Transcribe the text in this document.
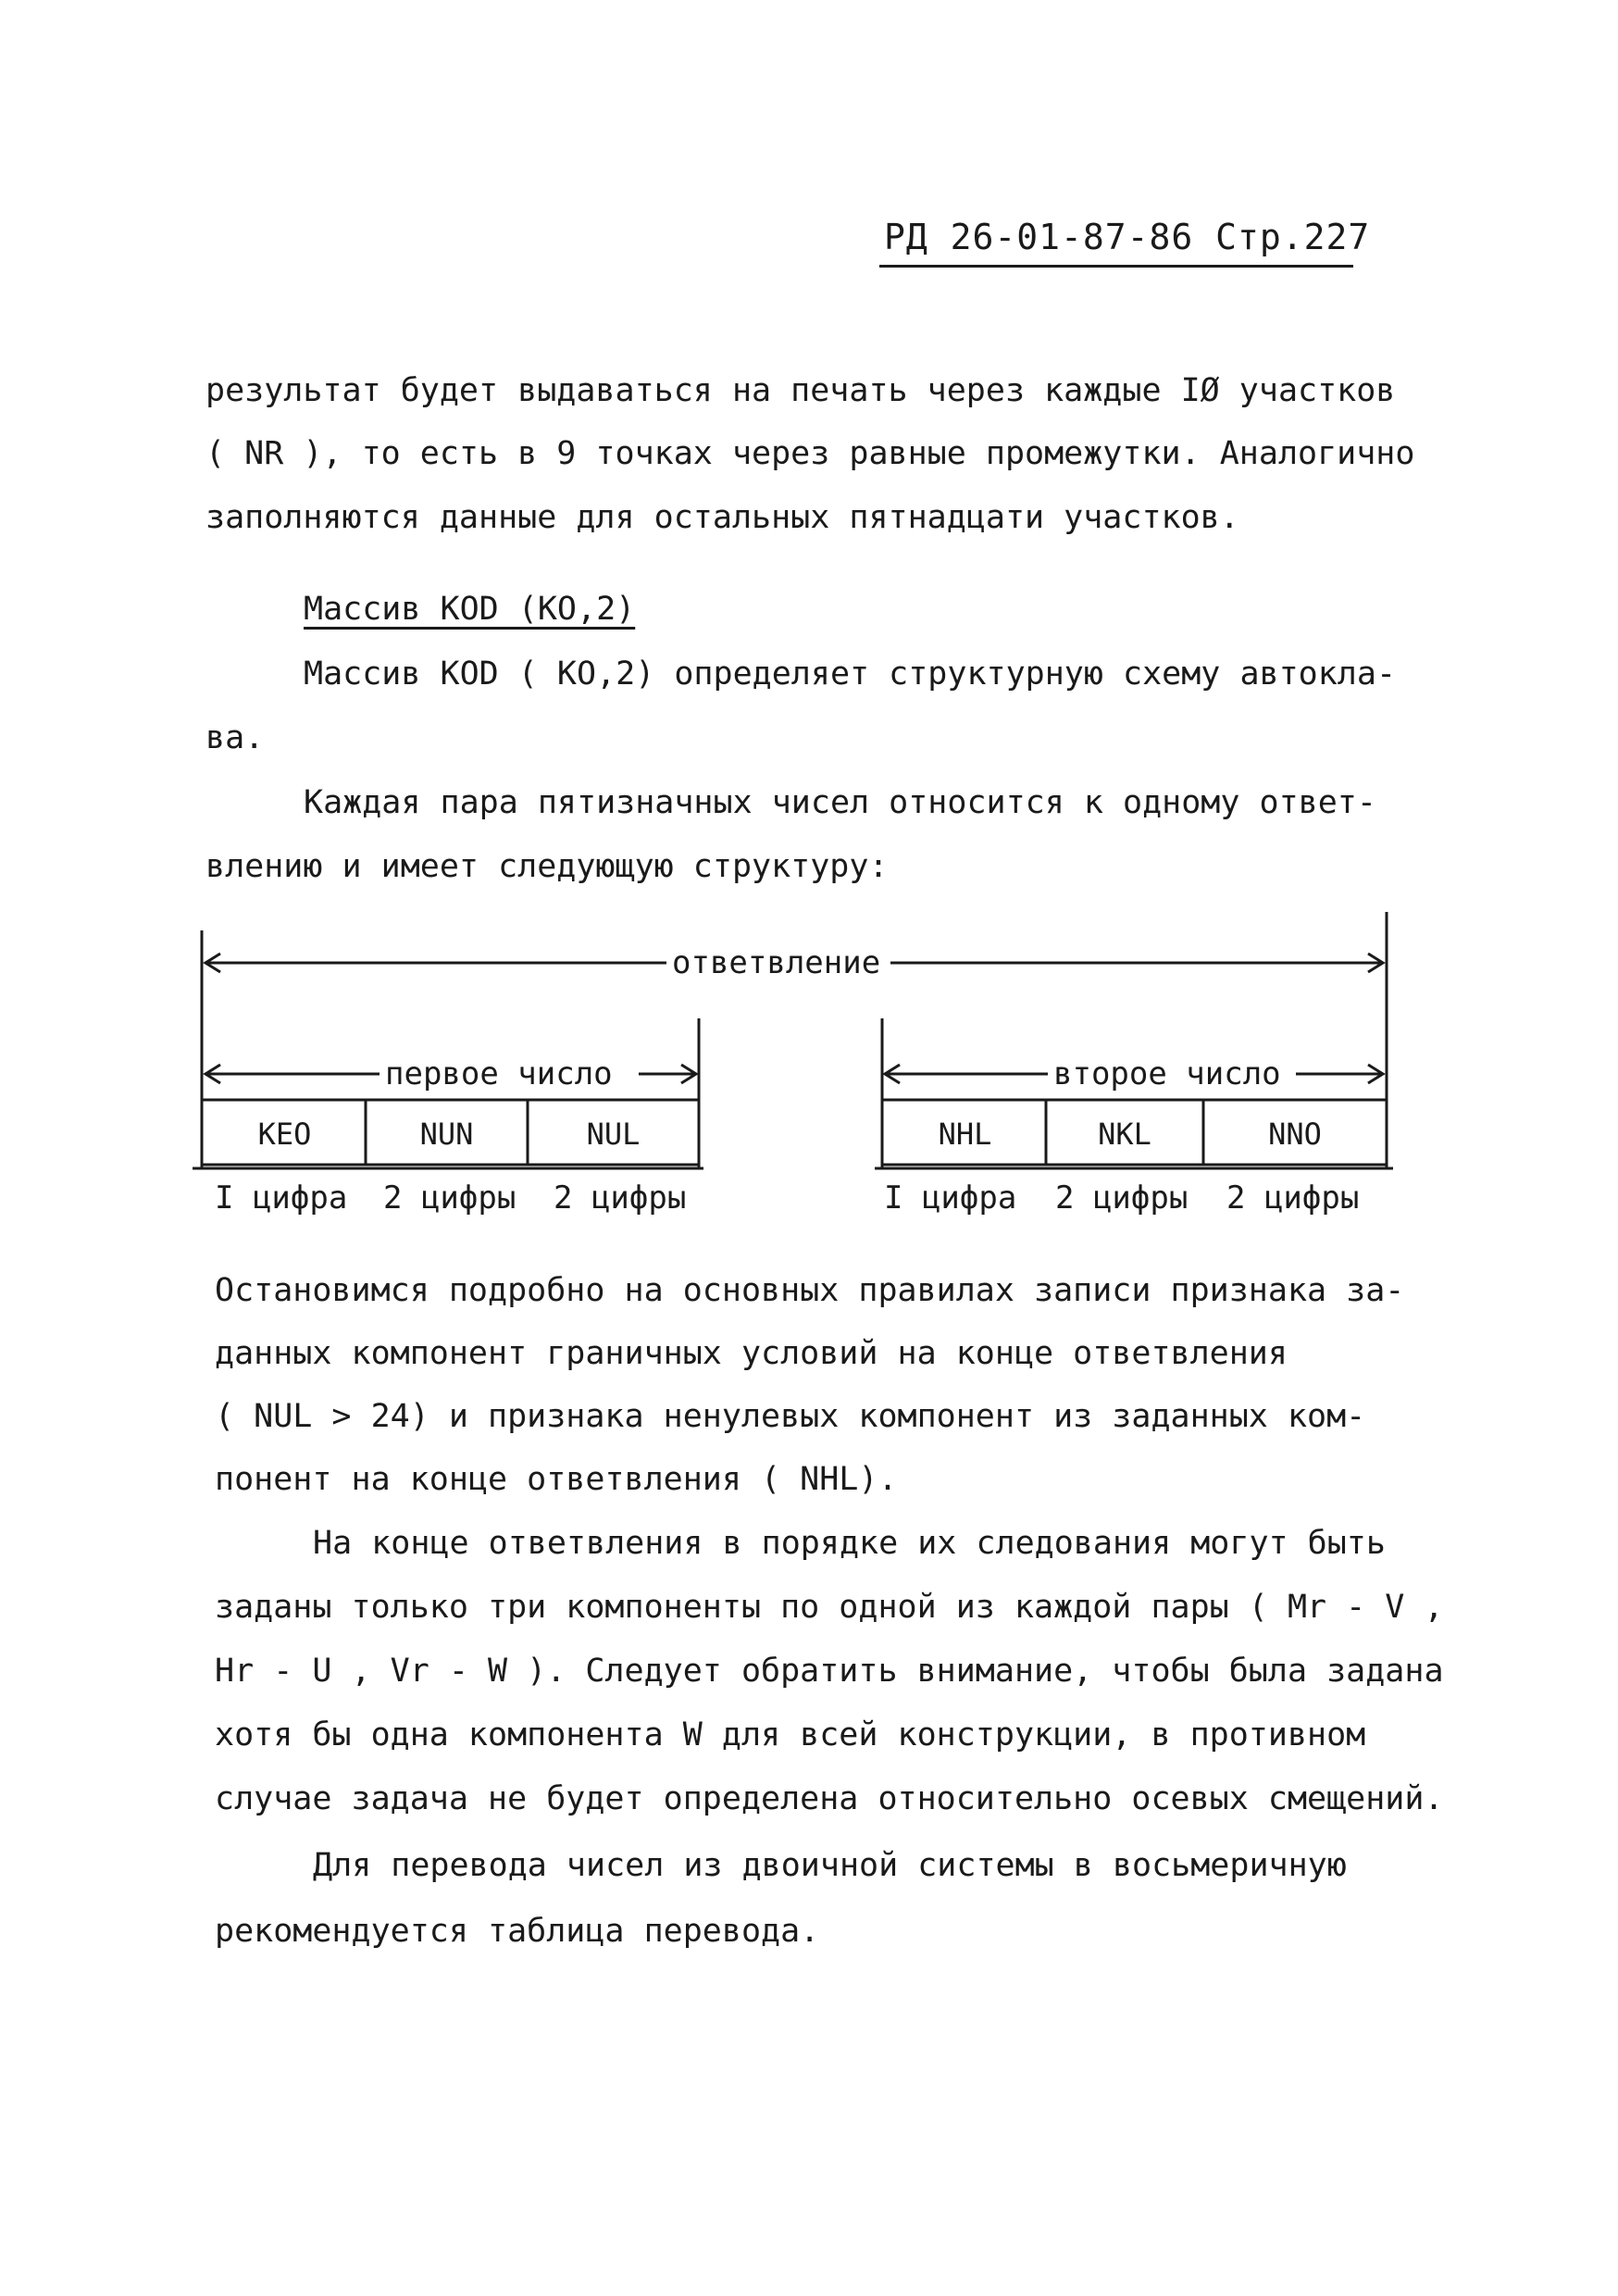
РД 26-01-87-86 Стр.227
результат будет выдаваться на печать через каждые IØ участков
( NR ), то есть в 9 точках через равные промежутки. Аналогично
заполняются данные для остальных пятнадцати участков.
Массив KOD (KO,2)
Массив KOD ( KO,2) определяет структурную схему автокла-
ва.
Каждая пара пятизначных чисел относится к одному ответ-
влению и имеет следующую структуру:
ответвление
первое число	второе число
KEO	NUN	NUL	NHL	NKL	NNO
I цифра 2 цифры 2 цифры	I цифра 2 цифры 2 цифры
Остановимся подробно на основных правилах записи признака за-
данных компонент граничных условий на конце ответвления
( NUL > 24) и признака ненулевых компонент из заданных ком-
понент на конце ответвления ( NHL).
На конце ответвления в порядке их следования могут быть
заданы только три компоненты по одной из каждой пары ( Mr - V ,
Hr - U , Vr - W ). Следует обратить внимание, чтобы была задана
хотя бы одна компонента W для всей конструкции, в противном
случае задача не будет определена относительно осевых смещений.
Для перевода чисел из двоичной системы в восьмеричную
рекомендуется таблица перевода.
